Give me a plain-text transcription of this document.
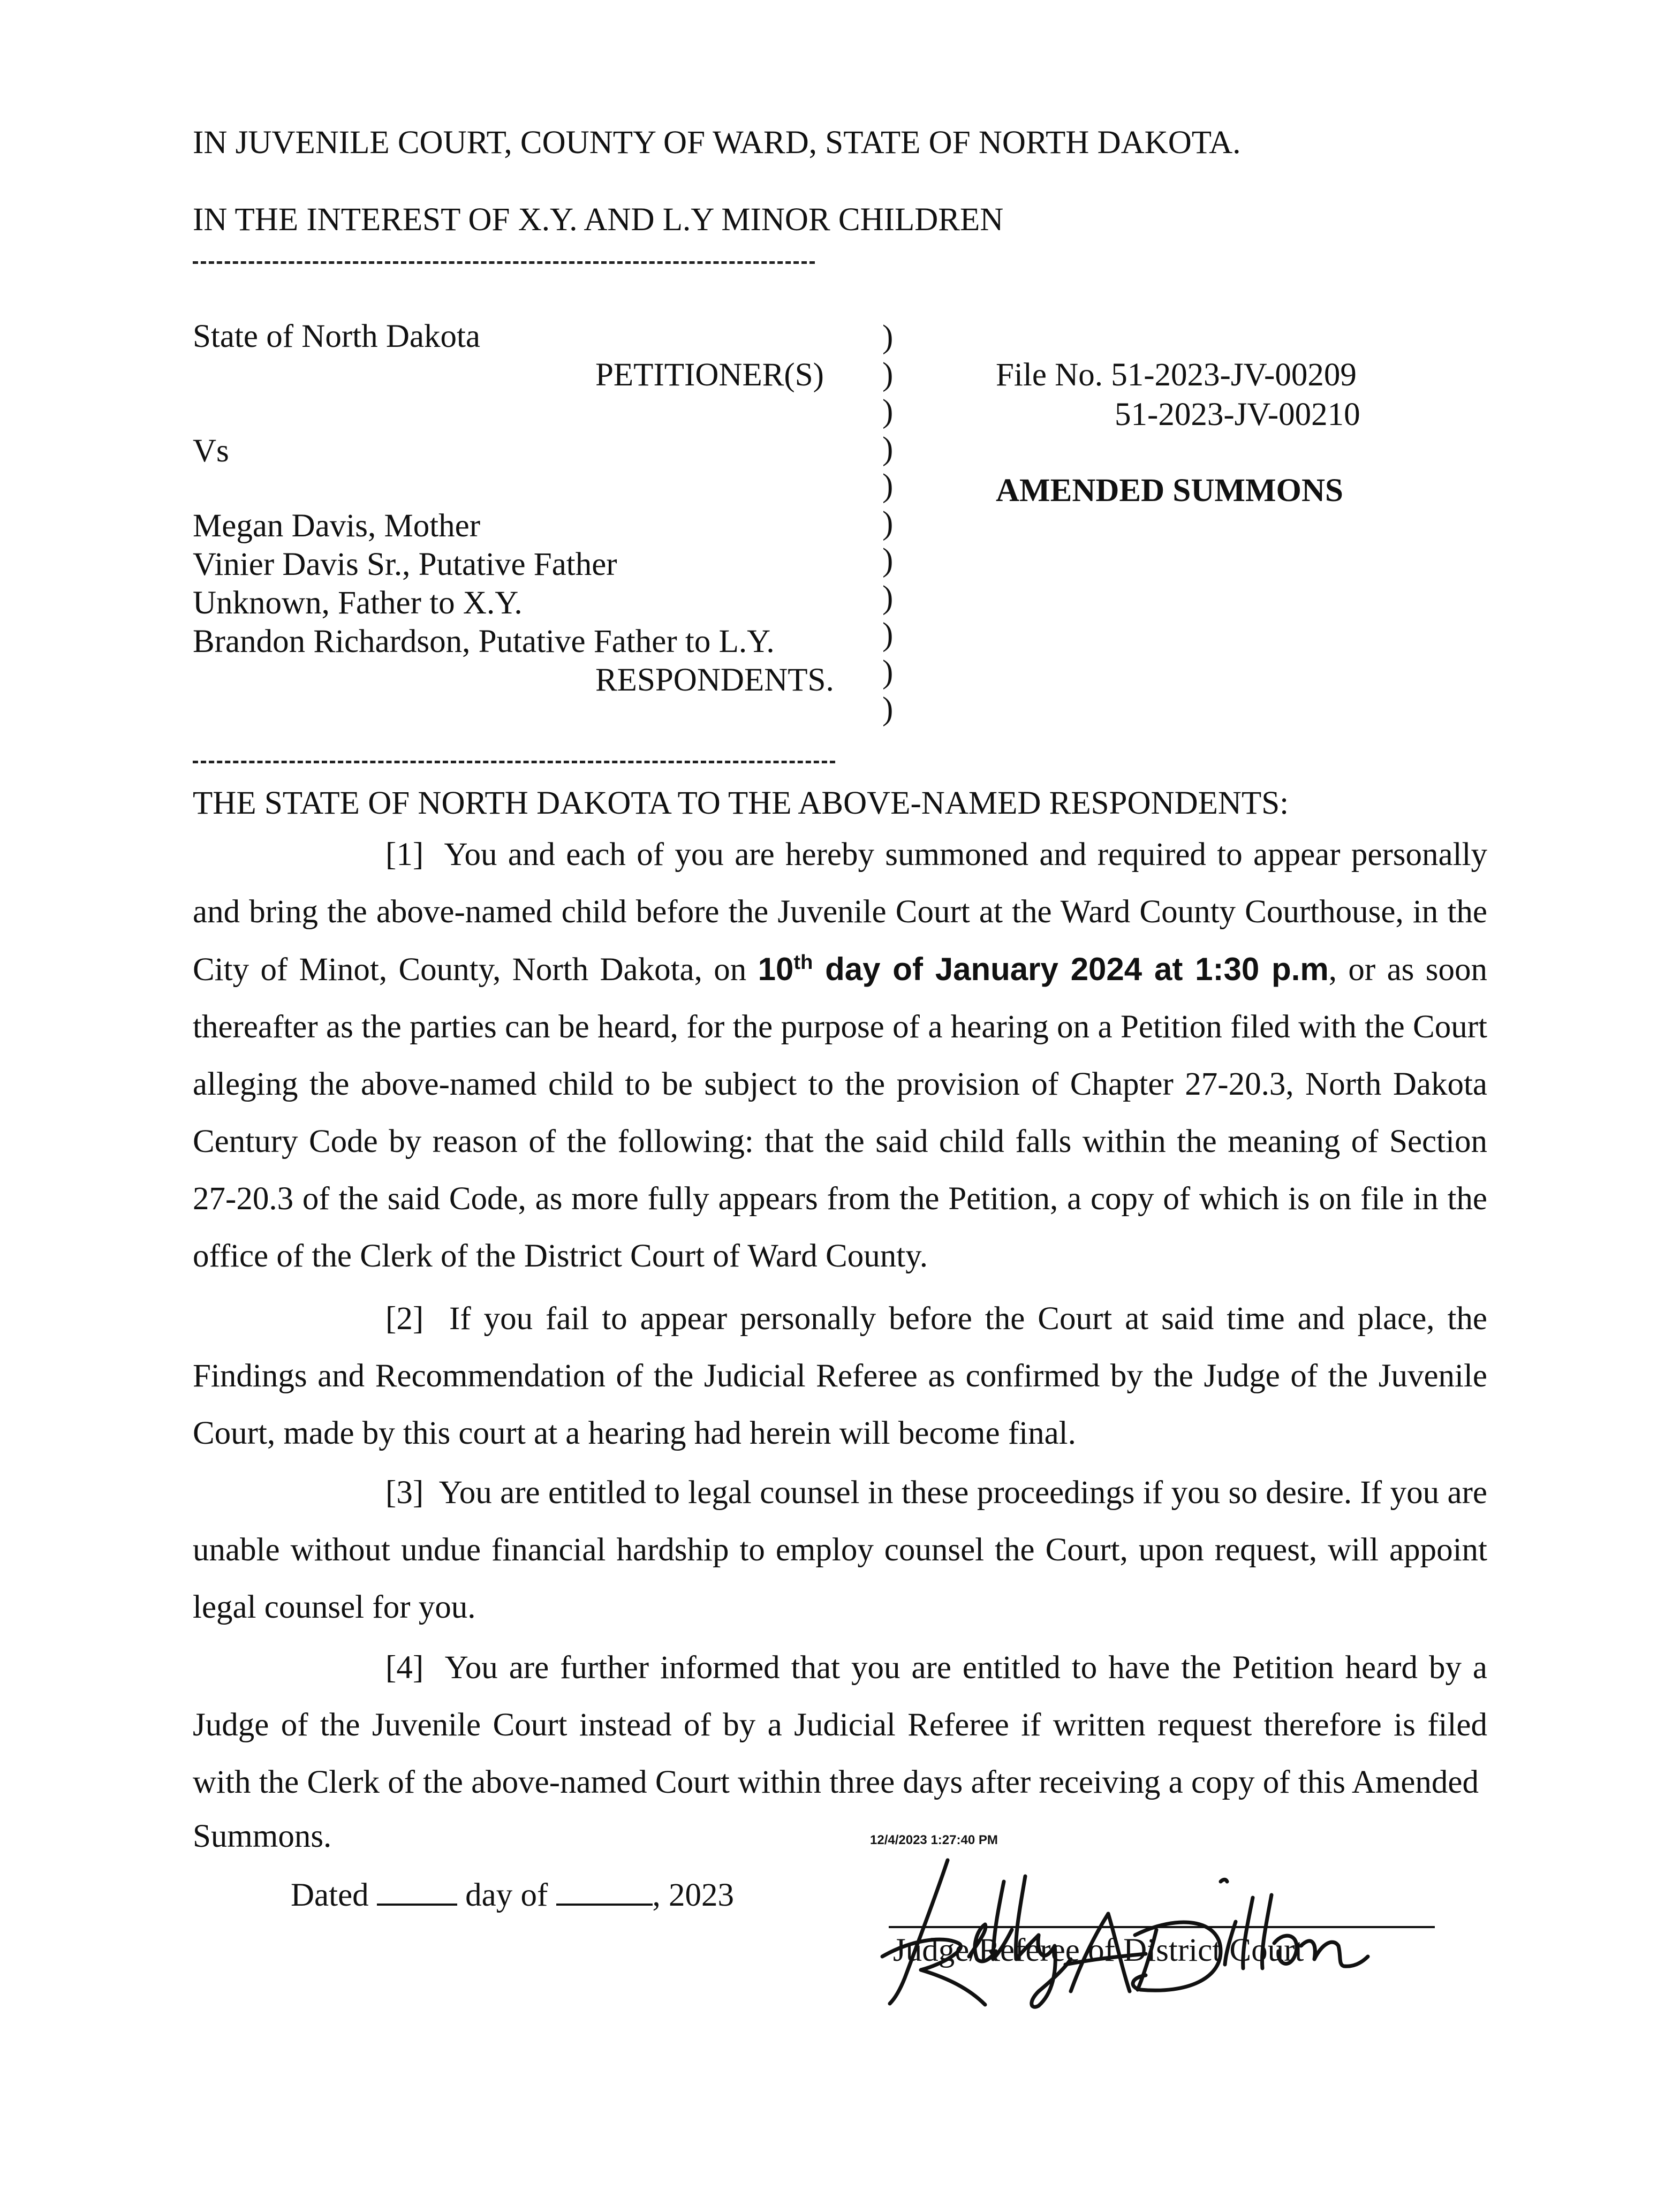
IN JUVENILE COURT, COUNTY OF WARD, STATE OF NORTH DAKOTA.
IN THE INTEREST OF X.Y. AND L.Y MINOR CHILDREN
State of North Dakota
PETITIONER(S)
Vs
Megan Davis, Mother
Vinier Davis Sr., Putative Father
Unknown, Father to X.Y.
Brandon Richardson, Putative Father to L.Y.
RESPONDENTS.
)
)
)
)
)
)
)
)
)
)
)
File No. 51-2023-JV-00209
51-2023-JV-00210
AMENDED SUMMONS
THE STATE OF NORTH DAKOTA TO THE ABOVE-NAMED RESPONDENTS:
[1] You and each of you are hereby summoned and required to appear personally and bring the above-named child before the Juvenile Court at the Ward County Courthouse, in the City of Minot, County, North Dakota, on 10th day of January 2024 at 1:30 p.m, or as soon thereafter as the parties can be heard, for the purpose of a hearing on a Petition filed with the Court alleging the above-named child to be subject to the provision of Chapter 27-20.3, North Dakota Century Code by reason of the following: that the said child falls within the meaning of Section 27-20.3 of the said Code, as more fully appears from the Petition, a copy of which is on file in the office of the Clerk of the District Court of Ward County.
[2] If you fail to appear personally before the Court at said time and place, the Findings and Recommendation of the Judicial Referee as confirmed by the Judge of the Juvenile Court, made by this court at a hearing had herein will become final.
[3] You are entitled to legal counsel in these proceedings if you so desire. If you are unable without undue financial hardship to employ counsel the Court, upon request, will appoint legal counsel for you.
[4] You are further informed that you are entitled to have the Petition heard by a Judge of the Juvenile Court instead of by a Judicial Referee if written request therefore is filed with the Clerk of the above-named Court within three days after receiving a copy of this Amended
Summons.	12/4/2023 1:27:40 PM
Dated	day of	, 2023
Judge/Referee of District Court
